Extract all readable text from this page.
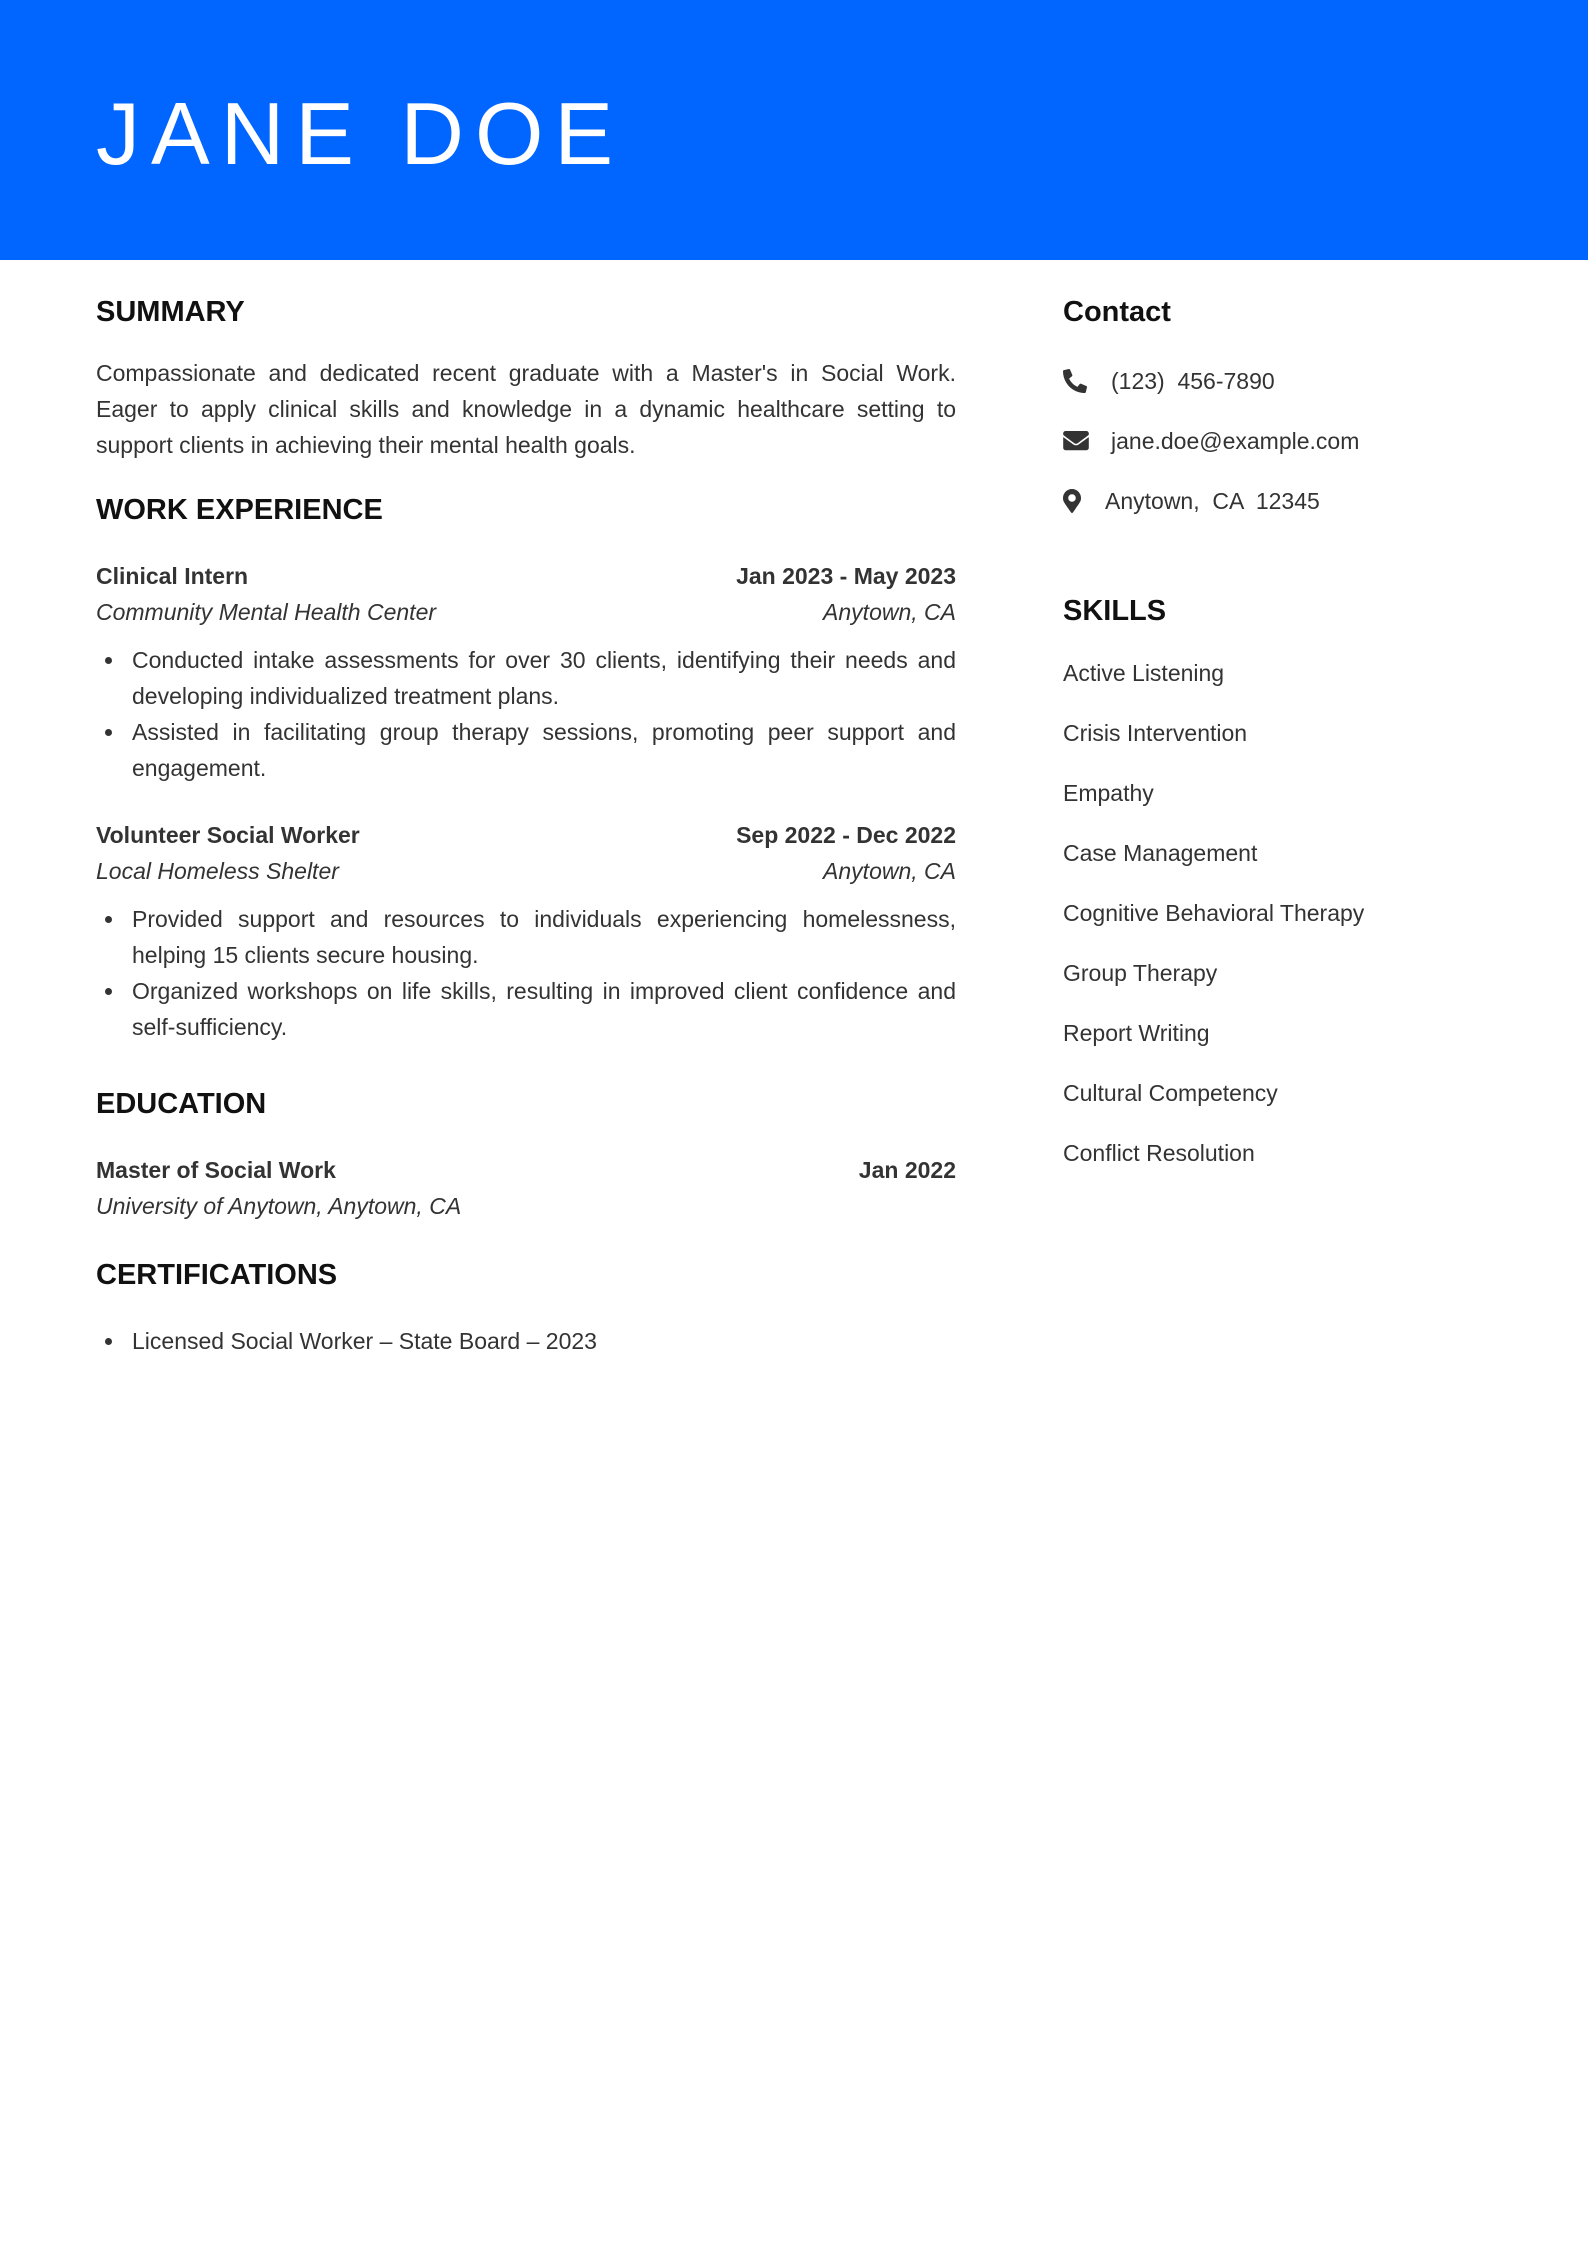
JANE DOE
SUMMARY

Compassionate and dedicated recent graduate with a Master's in Social Work. Eager to apply clinical skills and knowledge in a dynamic healthcare setting to support clients in achieving their mental health goals.

WORK EXPERIENCE
Clinical Intern	Jan 2023 - May 2023
Community Mental Health Center	Anytown, CA
Conducted intake assessments for over 30 clients, identifying their needs and developing individualized treatment plans.
Assisted in facilitating group therapy sessions, promoting peer support and engagement.
Volunteer Social Worker	Sep 2022 - Dec 2022
Local Homeless Shelter	Anytown, CA
Provided support and resources to individuals experiencing homelessness, helping 15 clients secure housing.
Organized workshops on life skills, resulting in improved client confidence and self-sufficiency.
EDUCATION
Master of Social Work	Jan 2022
University of Anytown, Anytown, CA
CERTIFICATIONS
Licensed Social Worker – State Board – 2023
Contact
(123)  456-7890
jane.doe@example.com
Anytown,  CA  12345
SKILLS
Active Listening
Crisis Intervention
Empathy
Case Management
Cognitive Behavioral Therapy
Group Therapy
Report Writing
Cultural Competency
Conflict Resolution
